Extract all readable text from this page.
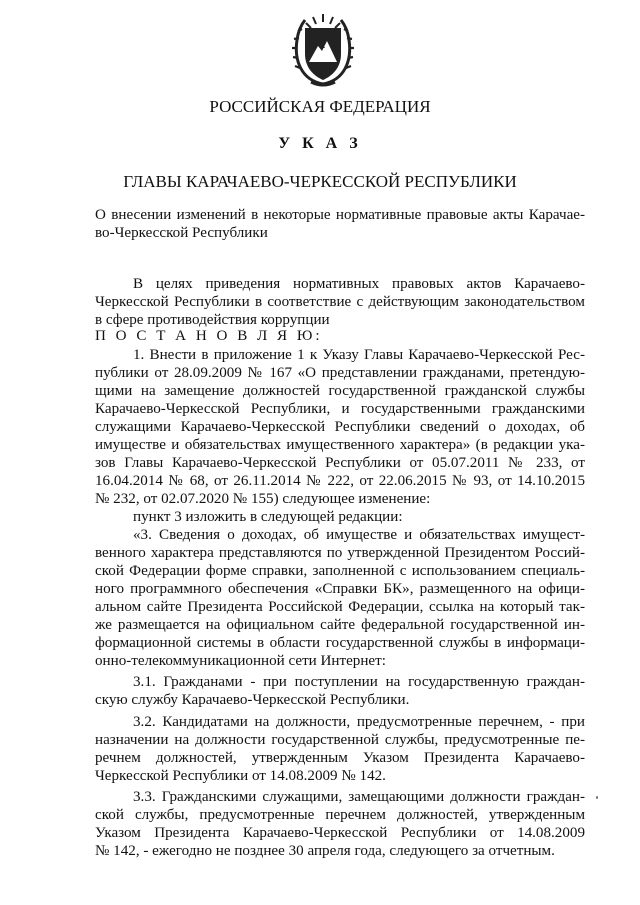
РОССИЙСКАЯ ФЕДЕРАЦИЯ
У К А З
ГЛАВЫ КАРАЧАЕВО-ЧЕРКЕССКОЙ РЕСПУБЛИКИ
О внесении изменений в некоторые нормативные правовые акты Карачае-
во-Черкесской Республики
В целях приведения нормативных правовых актов Карачаево-
Черкесской Республики в соответствие с действующим законодательством
в сфере противодействия коррупции
П О С Т А Н О В Л Я Ю:
1. Внести в приложение 1 к Указу Главы Карачаево-Черкесской Рес-
публики от 28.09.2009 № 167 «О представлении гражданами, претендую-
щими на замещение должностей государственной гражданской службы
Карачаево-Черкесской Республики, и государственными гражданскими
служащими Карачаево-Черкесской Республики сведений о доходах, об
имуществе и обязательствах имущественного характера» (в редакции ука-
зов Главы Карачаево-Черкесской Республики от 05.07.2011 № 233, от
16.04.2014 № 68, от 26.11.2014 № 222, от 22.06.2015 № 93, от 14.10.2015
№ 232, от 02.07.2020 № 155) следующее изменение:
пункт 3 изложить в следующей редакции:
«3. Сведения о доходах, об имуществе и обязательствах имущест-
венного характера представляются по утвержденной Президентом Россий-
ской Федерации форме справки, заполненной с использованием специаль-
ного программного обеспечения «Справки БК», размещенного на офици-
альном сайте Президента Российской Федерации, ссылка на который так-
же размещается на официальном сайте федеральной государственной ин-
формационной системы в области государственной службы в информаци-
онно-телекоммуникационной сети Интернет:
3.1. Гражданами - при поступлении на государственную граждан-
скую службу Карачаево-Черкесской Республики.
3.2. Кандидатами на должности, предусмотренные перечнем, - при
назначении на должности государственной службы, предусмотренные пе-
речнем должностей, утвержденным Указом Президента Карачаево-
Черкесской Республики от 14.08.2009 № 142.
3.3. Гражданскими служащими, замещающими должности граждан-
ской службы, предусмотренные перечнем должностей, утвержденным
Указом Президента Карачаево-Черкесской Республики от 14.08.2009
№ 142, - ежегодно не позднее 30 апреля года, следующего за отчетным.
